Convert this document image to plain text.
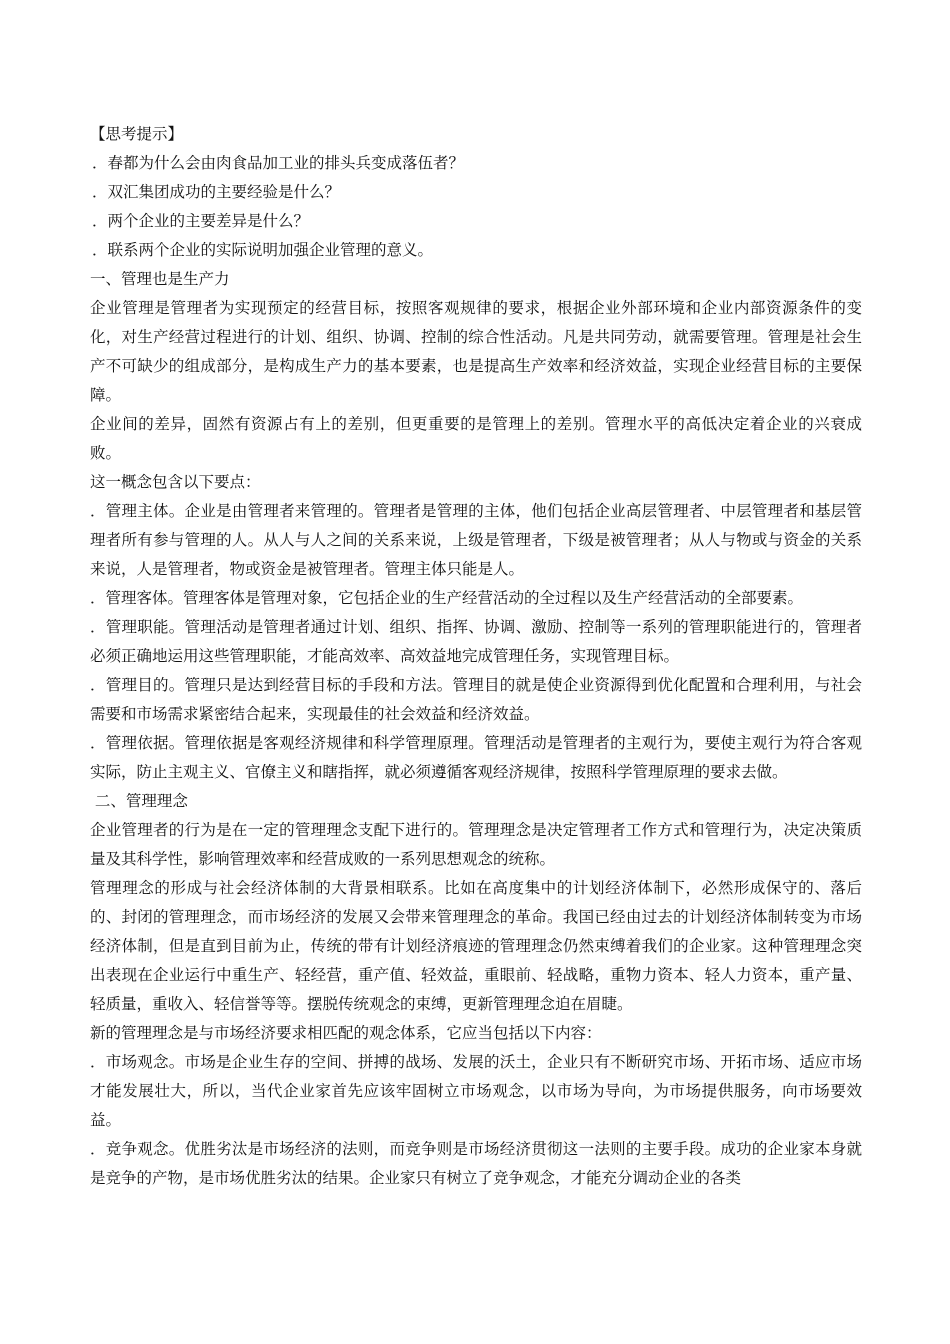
【思考提示】

．春都为什么会由肉食品加工业的排头兵变成落伍者？

．双汇集团成功的主要经验是什么？

．两个企业的主要差异是什么？

．联系两个企业的实际说明加强企业管理的意义。

一、管理也是生产力

企业管理是管理者为实现预定的经营目标，按照客观规律的要求，根据企业外部环境和企业内部资源条件的变化，对生产经营过程进行的计划、组织、协调、控制的综合性活动。凡是共同劳动，就需要管理。管理是社会生产不可缺少的组成部分，是构成生产力的基本要素，也是提高生产效率和经济效益，实现企业经营目标的主要保障。

企业间的差异，固然有资源占有上的差别，但更重要的是管理上的差别。管理水平的高低决定着企业的兴衰成败。

这一概念包含以下要点：

．管理主体。企业是由管理者来管理的。管理者是管理的主体，他们包括企业高层管理者、中层管理者和基层管理者所有参与管理的人。从人与人之间的关系来说，上级是管理者，下级是被管理者；从人与物或与资金的关系来说，人是管理者，物或资金是被管理者。管理主体只能是人。

．管理客体。管理客体是管理对象，它包括企业的生产经营活动的全过程以及生产经营活动的全部要素。

．管理职能。管理活动是管理者通过计划、组织、指挥、协调、激励、控制等一系列的管理职能进行的，管理者必须正确地运用这些管理职能，才能高效率、高效益地完成管理任务，实现管理目标。

．管理目的。管理只是达到经营目标的手段和方法。管理目的就是使企业资源得到优化配置和合理利用，与社会需要和市场需求紧密结合起来，实现最佳的社会效益和经济效益。

．管理依据。管理依据是客观经济规律和科学管理原理。管理活动是管理者的主观行为，要使主观行为符合客观实际，防止主观主义、官僚主义和瞎指挥，就必须遵循客观经济规律，按照科学管理原理的要求去做。

二、管理理念

企业管理者的行为是在一定的管理理念支配下进行的。管理理念是决定管理者工作方式和管理行为，决定决策质量及其科学性，影响管理效率和经营成败的一系列思想观念的统称。

管理理念的形成与社会经济体制的大背景相联系。比如在高度集中的计划经济体制下，必然形成保守的、落后的、封闭的管理理念，而市场经济的发展又会带来管理理念的革命。我国已经由过去的计划经济体制转变为市场经济体制，但是直到目前为止，传统的带有计划经济痕迹的管理理念仍然束缚着我们的企业家。这种管理理念突出表现在企业运行中重生产、轻经营，重产值、轻效益，重眼前、轻战略，重物力资本、轻人力资本，重产量、轻质量，重收入、轻信誉等等。摆脱传统观念的束缚，更新管理理念迫在眉睫。

新的管理理念是与市场经济要求相匹配的观念体系，它应当包括以下内容：

．市场观念。市场是企业生存的空间、拼搏的战场、发展的沃土，企业只有不断研究市场、开拓市场、适应市场才能发展壮大，所以，当代企业家首先应该牢固树立市场观念，以市场为导向，为市场提供服务，向市场要效益。

．竞争观念。优胜劣汰是市场经济的法则，而竞争则是市场经济贯彻这一法则的主要手段。成功的企业家本身就是竞争的产物，是市场优胜劣汰的结果。企业家只有树立了竞争观念，才能充分调动企业的各类
